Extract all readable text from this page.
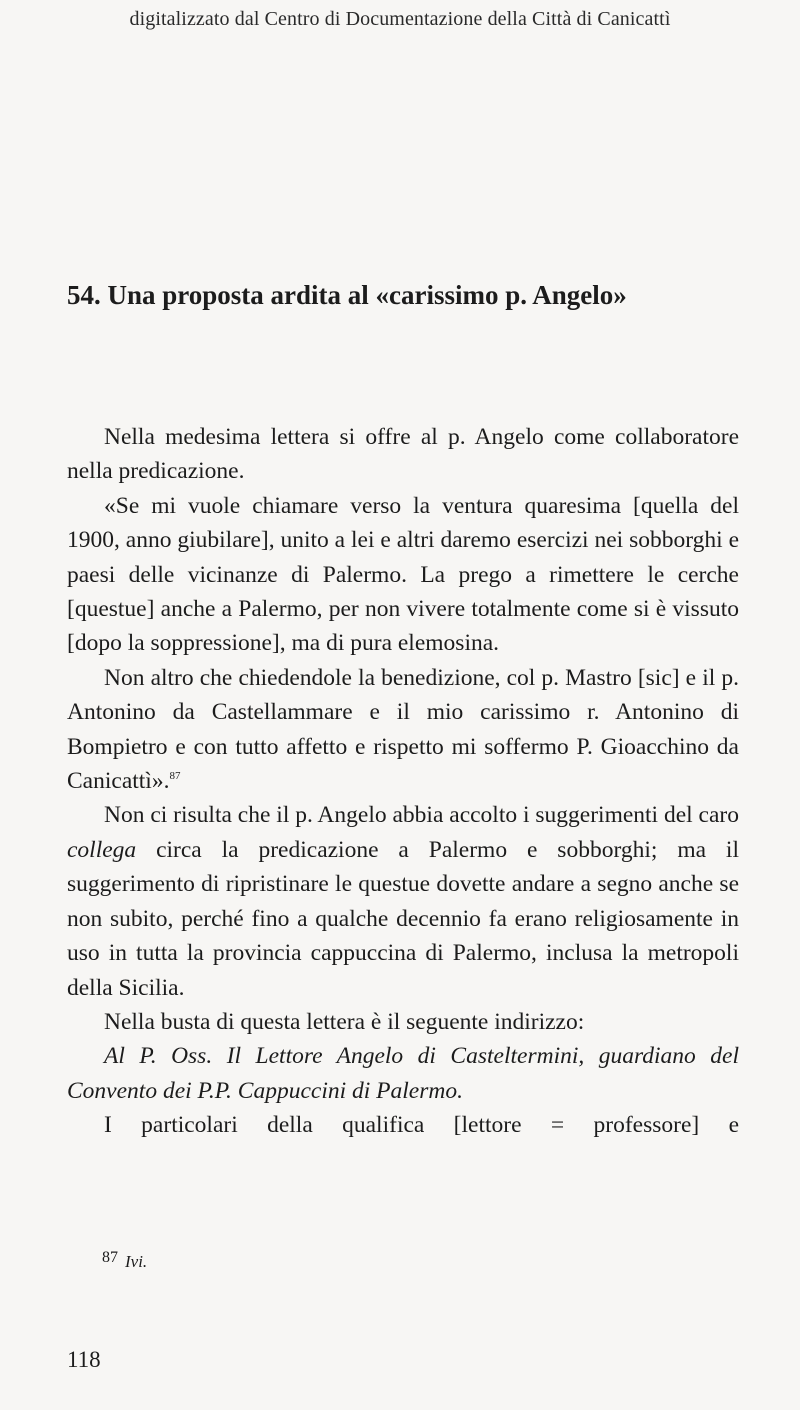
digitalizzato dal Centro di Documentazione della Città di Canicattì
54. Una proposta ardita al «carissimo p. Angelo»

Nella medesima lettera si offre al p. Angelo come collaboratore nella predicazione.

«Se mi vuole chiamare verso la ventura quaresima [quella del 1900, anno giubilare], unito a lei e altri daremo esercizi nei sobborghi e paesi delle vicinanze di Palermo. La prego a rimettere le cerche [questue] anche a Palermo, per non vivere totalmente come si è vissuto [dopo la soppressione], ma di pura elemosina.

Non altro che chiedendole la benedizione, col p. Mastro [sic] e il p. Antonino da Castellammare e il mio carissimo r. Antonino di Bompietro e con tutto affetto e rispetto mi soffermo P. Gioacchino da Canicattì».$^{87}$

Non ci risulta che il p. Angelo abbia accolto i suggerimenti del caro collega circa la predicazione a Palermo e sobborghi; ma il suggerimento di ripristinare le questue dovette andare a segno anche se non subito, perché fino a qualche decennio fa erano religiosamente in uso in tutta la provincia cappuccina di Palermo, inclusa la metropoli della Sicilia.

Nella busta di questa lettera è il seguente indirizzo:

Al P. Oss. Il Lettore Angelo di Casteltermini, guardiano del Convento dei P.P. Cappuccini di Palermo.

I particolari della qualifica [lettore = professore] e

87 Ivi.
118
